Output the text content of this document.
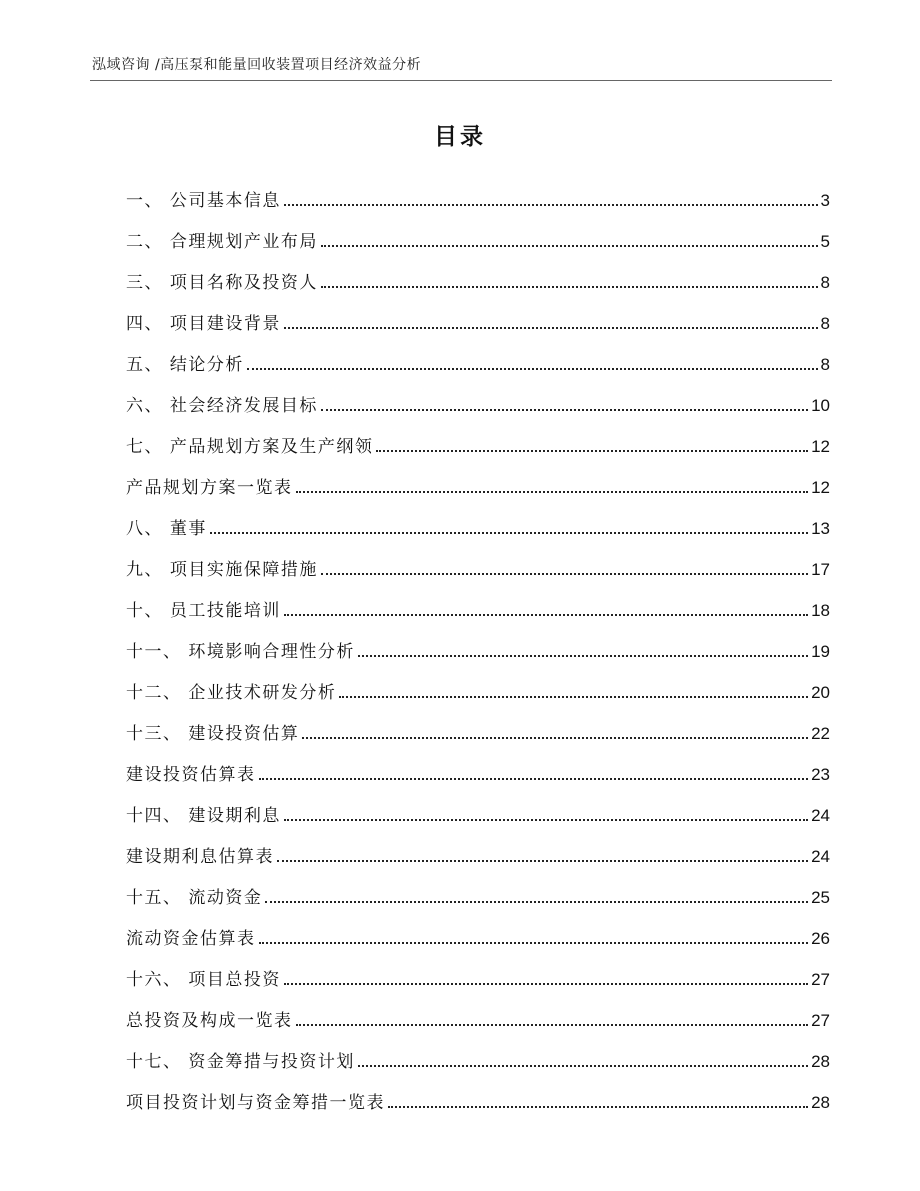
泓域咨询 /高压泵和能量回收装置项目经济效益分析
目录
一、 公司基本信息	3
二、 合理规划产业布局	5
三、 项目名称及投资人	8
四、 项目建设背景	8
五、 结论分析	8
六、 社会经济发展目标	10
七、 产品规划方案及生产纲领	12
产品规划方案一览表	12
八、 董事	13
九、 项目实施保障措施	17
十、 员工技能培训	18
十一、 环境影响合理性分析	19
十二、 企业技术研发分析	20
十三、 建设投资估算	22
建设投资估算表	23
十四、 建设期利息	24
建设期利息估算表	24
十五、 流动资金	25
流动资金估算表	26
十六、 项目总投资	27
总投资及构成一览表	27
十七、 资金筹措与投资计划	28
项目投资计划与资金筹措一览表	28
